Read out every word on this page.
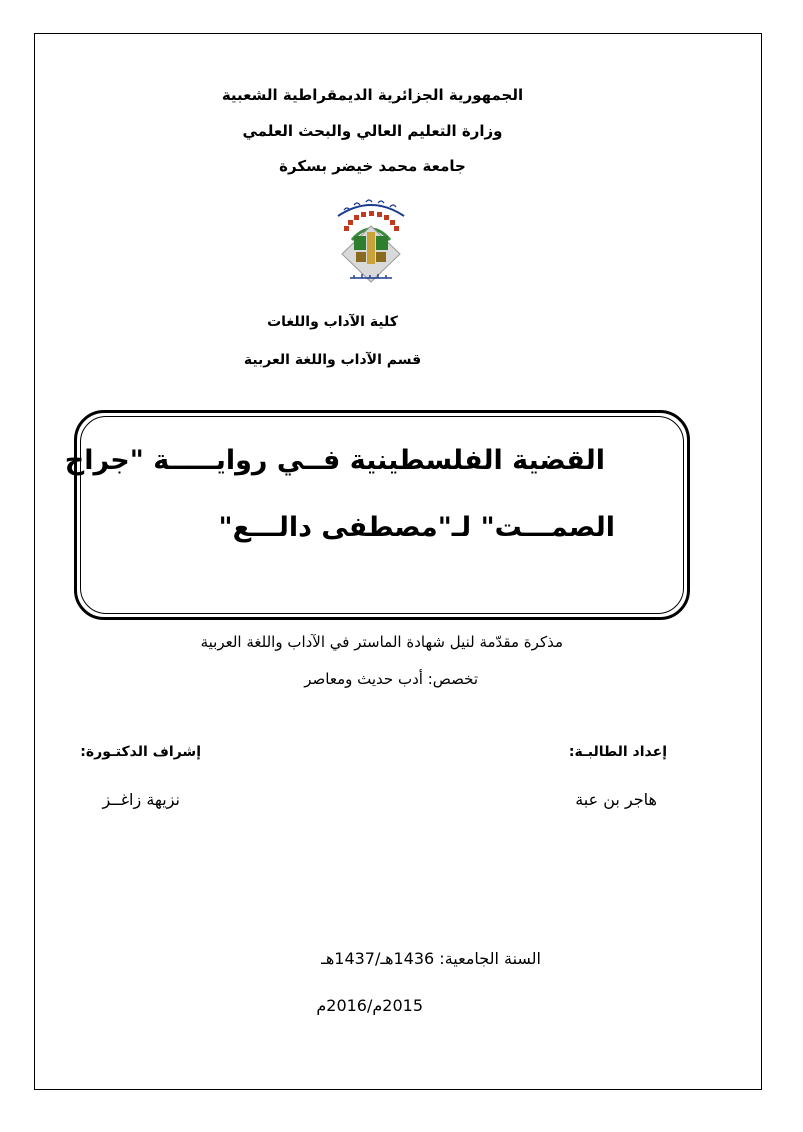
الجمهورية الجزائرية الديمقراطية الشعبية
وزارة التعليم العالي والبحث العلمي
جامعة محمد خيضر بسكرة
كلية الآداب واللغات
قسم الآداب واللغة العربية
القضية الفلسطينية فــي روايـــــة "جراح
الصمـــت" لـ"مصطفى دالـــع"
مذكرة مقدّمة لنيل شهادة الماستر في الآداب واللغة العربية
تخصص: أدب حديث ومعاصر
إعداد الطالبـة:
إشراف الدكتـورة:
هاجر بن عبة
نزيهة زاغــز
السنة الجامعية: 1436هـ/1437هـ
2015م/2016م
